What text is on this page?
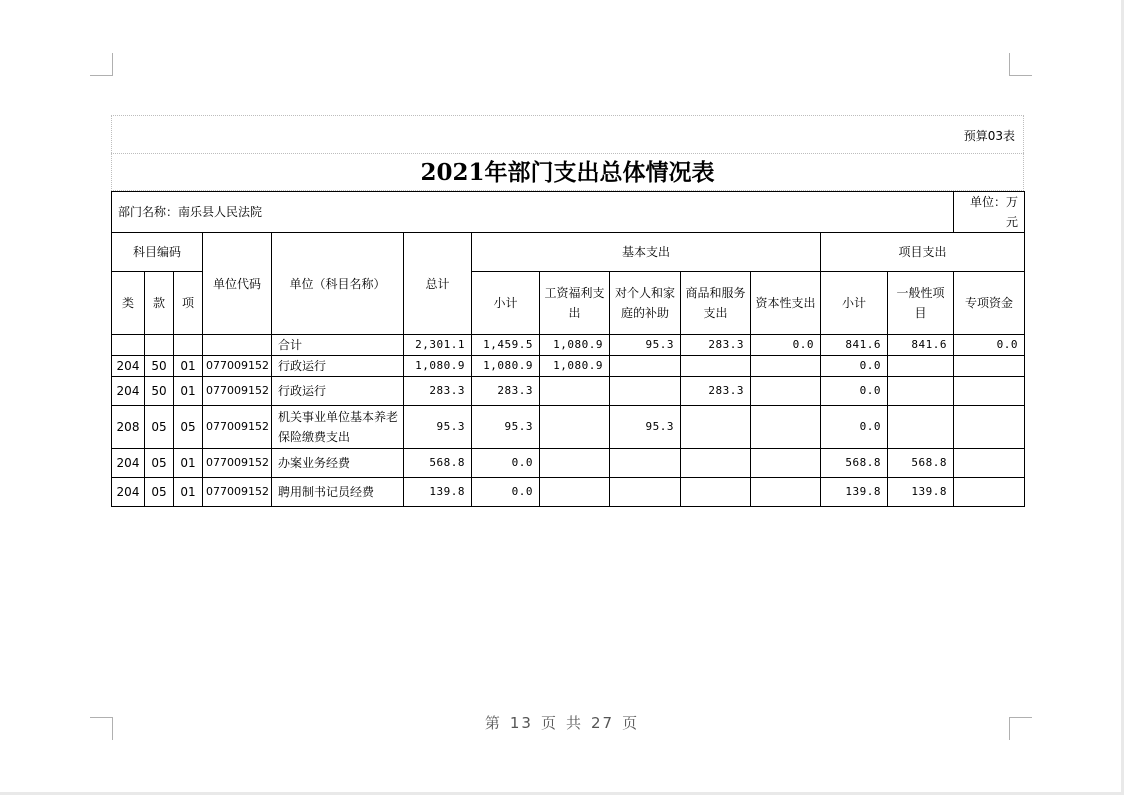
预算03表
2021年部门支出总体情况表
部门名称：南乐县人民法院													单位：万元
科目编码			单位代码	单位（科目名称）	总计	基本支出					项目支出		
类	款	项				小计	工资福利支出	对个人和家庭的补助	商品和服务支出	资本性支出	小计	一般性项目	专项资金
				合计	2,301.1	1,459.5	1,080.9	95.3	283.3	0.0	841.6	841.6	0.0
204	50	01	077009152	行政运行	1,080.9	1,080.9	1,080.9				0.0		
204	50	01	077009152	行政运行	283.3	283.3			283.3		0.0		
208	05	05	077009152	机关事业单位基本养老保险缴费支出	95.3	95.3		95.3			0.0		
204	05	01	077009152	办案业务经费	568.8	0.0					568.8	568.8	
204	05	01	077009152	聘用制书记员经费	139.8	0.0					139.8	139.8	
第 13 页 共 27 页
